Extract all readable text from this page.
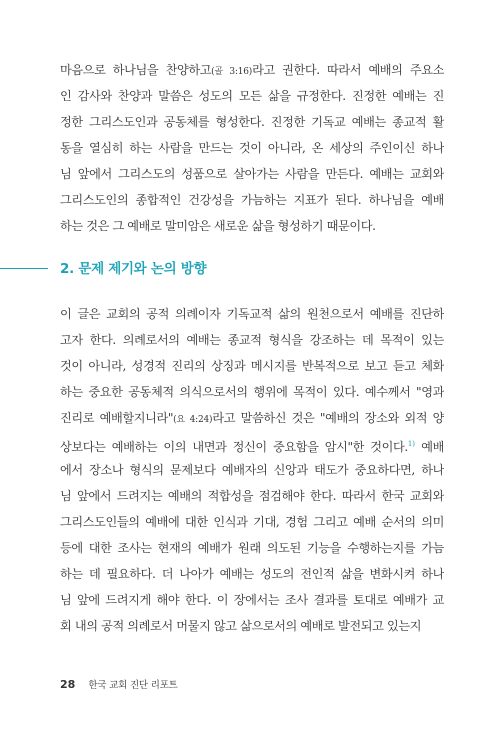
마음으로 하나님을 찬양하고(골 3:16)라고 권한다. 따라서 예배의 주요소
인 감사와 찬양과 말씀은 성도의 모든 삶을 규정한다. 진정한 예배는 진
정한 그리스도인과 공동체를 형성한다. 진정한 기독교 예배는 종교적 활
동을 열심히 하는 사람을 만드는 것이 아니라, 온 세상의 주인이신 하나
님 앞에서 그리스도의 성품으로 살아가는 사람을 만든다. 예배는 교회와
그리스도인의 종합적인 건강성을 가늠하는 지표가 된다. 하나님을 예배
하는 것은 그 예배로 말미암은 새로운 삶을 형성하기 때문이다.
2. 문제 제기와 논의 방향
이 글은 교회의 공적 의례이자 기독교적 삶의 원천으로서 예배를 진단하
고자 한다. 의례로서의 예배는 종교적 형식을 강조하는 데 목적이 있는
것이 아니라, 성경적 진리의 상징과 메시지를 반복적으로 보고 듣고 체화
하는 중요한 공동체적 의식으로서의 행위에 목적이 있다. 예수께서 "영과
진리로 예배할지니라"(요 4:24)라고 말씀하신 것은 "예배의 장소와 외적 양
상보다는 예배하는 이의 내면과 정신이 중요함을 암시"한 것이다.$^{1)}$ 예배
에서 장소나 형식의 문제보다 예배자의 신앙과 태도가 중요하다면, 하나
님 앞에서 드려지는 예배의 적합성을 점검해야 한다. 따라서 한국 교회와
그리스도인들의 예배에 대한 인식과 기대, 경험 그리고 예배 순서의 의미
등에 대한 조사는 현재의 예배가 원래 의도된 기능을 수행하는지를 가늠
하는 데 필요하다. 더 나아가 예배는 성도의 전인적 삶을 변화시켜 하나
님 앞에 드려지게 해야 한다. 이 장에서는 조사 결과를 토대로 예배가 교
회 내의 공적 의례로서 머물지 않고 삶으로서의 예배로 발전되고 있는지
28 한국 교회 진단 리포트
